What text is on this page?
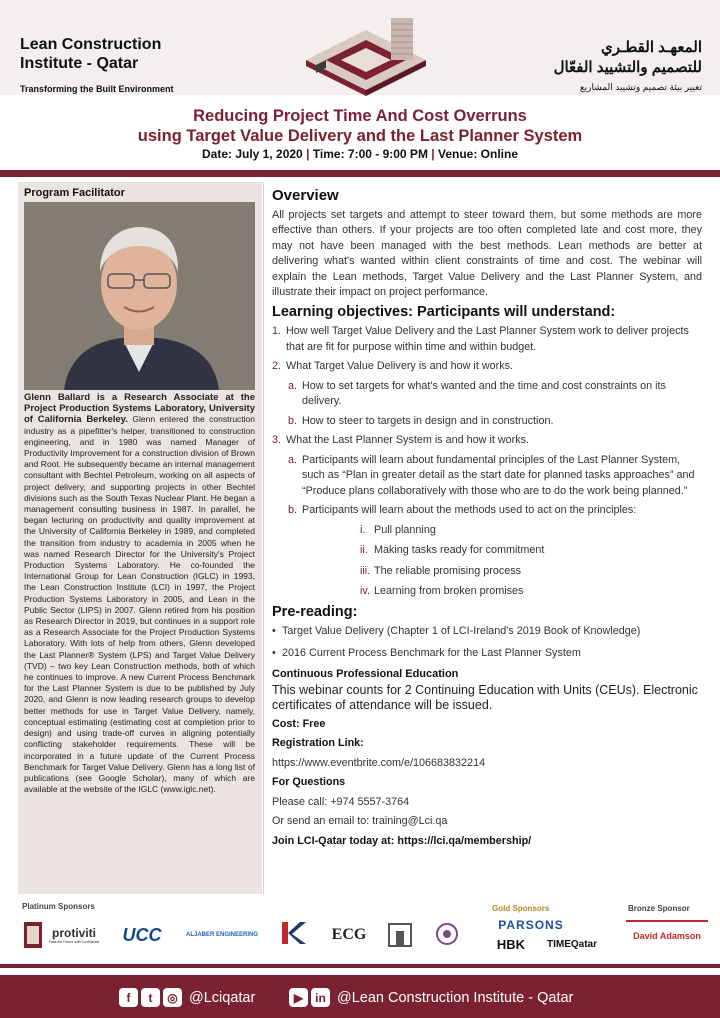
Lean Construction
Institute - Qatar
Transforming the Built Environment
المعهـد القطـري
للتصميم والتشييد الفعّال
تغيير بيئة تصميم وتشييد المشاريع
Reducing Project Time And Cost Overruns
using Target Value Delivery and the Last Planner System
Date: July 1, 2020 | Time: 7:00 - 9:00 PM | Venue: Online
Program Facilitator
Glenn Ballard is a Research Associate at the Project Production Systems Laboratory, University of California Berkeley. Glenn entered the construction industry as a pipefitter's helper, transitioned to construction engineering, and in 1980 was named Manager of Productivity Improvement for a construction division of Brown and Root. He subsequently became an internal management consultant with Bechtel Petroleum, working on all aspects of project delivery, and supporting projects in other Bechtel divisions such as the South Texas Nuclear Plant. He began a management consulting business in 1987. In parallel, he began lecturing on productivity and quality improvement at the University of California Berkeley in 1989, and completed the transition from industry to academia in 2005 when he was named Research Director for the University's Project Production Systems Laboratory. He co-founded the International Group for Lean Construction (IGLC) in 1993, the Lean Construction Institute (LCI) in 1997, the Project Production Systems Laboratory in 2005, and Lean in the Public Sector (LIPS) in 2007. Glenn retired from his position as Research Director in 2019, but continues in a support role as a Research Associate for the Project Production Systems Laboratory. With lots of help from others, Glenn developed the Last Planner® System (LPS) and Target Value Delivery (TVD) – two key Lean Construction methods, both of which he continues to improve. A new Current Process Benchmark for the Last Planner System is due to be published by July 2020, and Glenn is now leading research groups to develop better methods for use in Target Value Delivery, namely, conceptual estimating (estimating cost at completion prior to design) and using trade-off curves in aligning potentially conflicting stakeholder requirements. These will be incorporated in a future update of the Current Process Benchmark for Target Value Delivery. Glenn has a long list of publications (see Google Scholar), many of which are available at the website of the IGLC (www.iglc.net).
Overview
All projects set targets and attempt to steer toward them, but some methods are more effective than others. If your projects are too often completed late and cost more, they may not have been managed with the best methods. Lean methods are better at delivering what's wanted within client constraints of time and cost. The webinar will explain the Lean methods, Target Value Delivery and the Last Planner System, and illustrate their impact on project performance.
Learning objectives: Participants will understand:
1. How well Target Value Delivery and the Last Planner System work to deliver projects that are fit for purpose within time and within budget.
2. What Target Value Delivery is and how it works.
a. How to set targets for what's wanted and the time and cost constraints on its delivery.
b. How to steer to targets in design and in construction.
3. What the Last Planner System is and how it works.
a. Participants will learn about fundamental principles of the Last Planner System, such as “Plan in greater detail as the start date for planned tasks approaches” and “Produce plans collaboratively with those who are to do the work being planned.”
b. Participants will learn about the methods used to act on the principles:
i. Pull planning
ii. Making tasks ready for commitment
iii. The reliable promising process
iv. Learning from broken promises
Pre-reading:
• Target Value Delivery (Chapter 1 of LCI-Ireland's 2019 Book of Knowledge)
• 2016 Current Process Benchmark for the Last Planner System
Continuous Professional Education
This webinar counts for 2 Continuing Education with Units (CEUs). Electronic certificates of attendance will be issued.
Cost: Free
Registration Link:
https://www.eventbrite.com/e/106683832214
For Questions
Please call: +974 5557-3764
Or send an email to: training@Lci.qa
Join LCI-Qatar today at: https://lci.qa/membership/
Platinum Sponsors	Gold Sponsors	Bronze Sponsor
protiviti
Face the Future with Confidence	UCC	ALJABER ENGINEERING	ECG
PARSONS
HBK	TIMEQatar
David Adamson
f	t	◎ @Lciqatar	▶	in @Lean Construction Institute - Qatar
